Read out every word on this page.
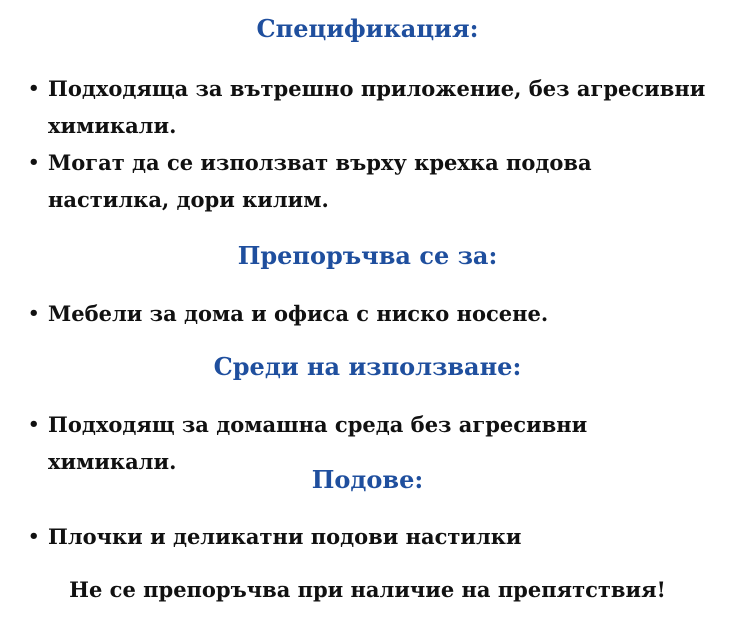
Спецификация:
• Подходяща за вътрешно приложение, без агресивни химикали.
• Могат да се използват върху крехка подова настилка, дори килим.
Препоръчва се за:
• Мебели за дома и офиса с ниско носене.
Среди на използване:
• Подходящ за домашна среда без агресивни химикали.
Подове:
• Плочки и деликатни подови настилки

Не се препоръчва при наличие на препятствия!
